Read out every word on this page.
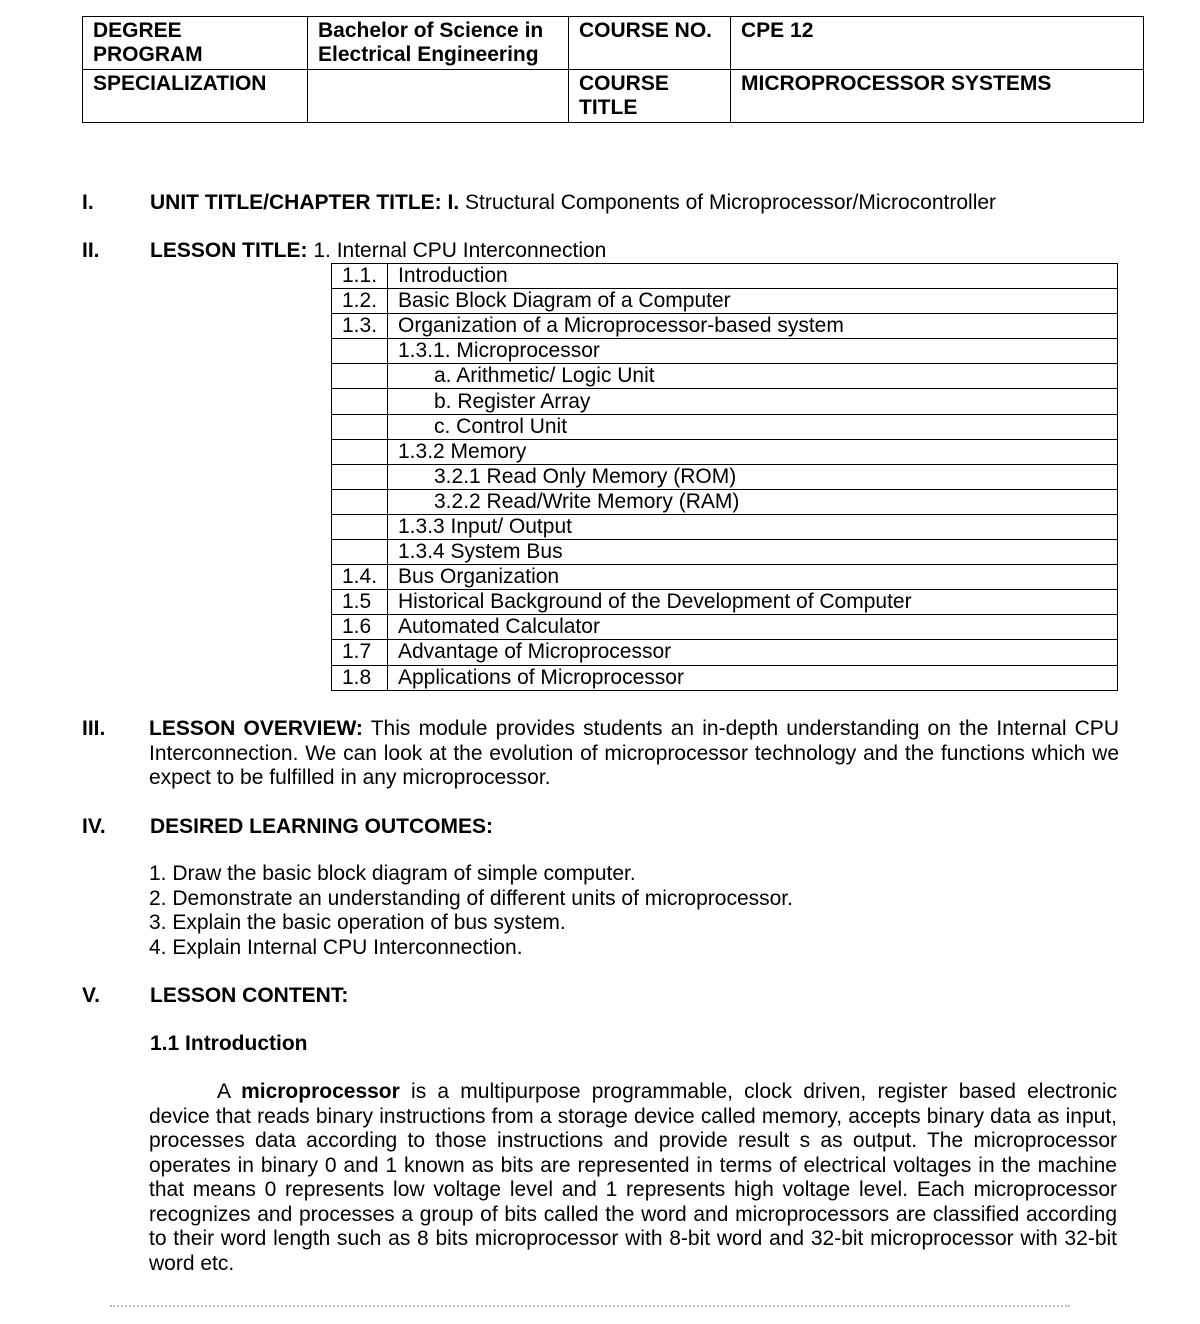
DEGREE PROGRAM	Bachelor of Science in Electrical Engineering	COURSE NO.	CPE 12
SPECIALIZATION		COURSE TITLE	MICROPROCESSOR SYSTEMS
I.	UNIT TITLE/CHAPTER TITLE: I. Structural Components of Microprocessor/Microcontroller
II. LESSON TITLE: 1. Internal CPU Interconnection
1.1.	Introduction
1.2.	Basic Block Diagram of a Computer
1.3.	Organization of a Microprocessor-based system
	1.3.1. Microprocessor
	a. Arithmetic/ Logic Unit
	b. Register Array
	c. Control Unit
	1.3.2 Memory
	3.2.1 Read Only Memory (ROM)
	3.2.2 Read/Write Memory (RAM)
	1.3.3 Input/ Output
	1.3.4 System Bus
1.4.	Bus Organization
1.5	Historical Background of the Development of Computer
1.6	Automated Calculator
1.7	Advantage of Microprocessor
1.8	Applications of Microprocessor
III. LESSON OVERVIEW: This module provides students an in-depth understanding on the Internal CPU Interconnection. We can look at the evolution of microprocessor technology and the functions which we expect to be fulfilled in any microprocessor.
IV. DESIRED LEARNING OUTCOMES:
1. Draw the basic block diagram of simple computer.
2. Demonstrate an understanding of different units of microprocessor.
3. Explain the basic operation of bus system.
4. Explain Internal CPU Interconnection.
V. LESSON CONTENT:
1.1 Introduction
A microprocessor is a multipurpose programmable, clock driven, register based electronic device that reads binary instructions from a storage device called memory, accepts binary data as input, processes data according to those instructions and provide result s as output. The microprocessor operates in binary 0 and 1 known as bits are represented in terms of electrical voltages in the machine that means 0 represents low voltage level and 1 represents high voltage level. Each microprocessor recognizes and processes a group of bits called the word and microprocessors are classified according to their word length such as 8 bits microprocessor with 8-bit word and 32-bit microprocessor with 32-bit word etc.
